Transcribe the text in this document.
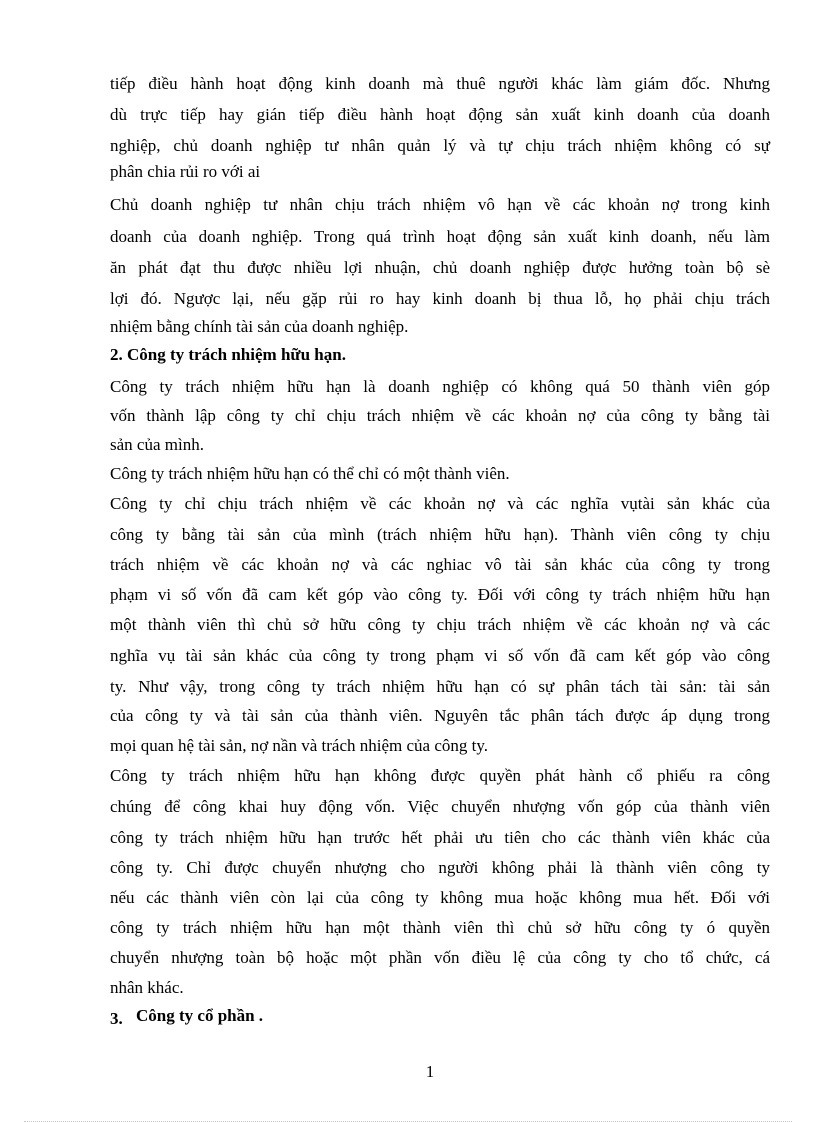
tiếp điều hành hoạt động kinh doanh mà thuê người khác làm giám đốc. Nhưng
dù trực tiếp hay gián tiếp điều hành hoạt động sản xuất kinh doanh của doanh
nghiệp, chủ doanh nghiệp tư nhân quản lý và tự chịu trách nhiệm không có sự
phân chia rủi ro với ai
Chủ doanh nghiệp tư nhân chịu trách nhiệm vô hạn về các khoản nợ trong kinh
doanh của doanh nghiệp. Trong quá trình hoạt động sản xuất kinh doanh, nếu làm
ăn phát đạt thu được nhiều lợi nhuận, chủ doanh nghiệp được hưởng toàn bộ sè
lợi đó. Ngược lại, nếu gặp rủi ro hay kinh doanh bị thua lỗ, họ phải chịu trách
nhiệm bằng chính tài sản của doanh nghiệp.
2. Công ty trách nhiệm hữu hạn.
Công ty trách nhiệm hữu hạn là doanh nghiệp có không quá 50 thành viên góp
vốn thành lập công ty chỉ chịu trách nhiệm về các khoản nợ của công ty bằng tài
sản của mình.
Công ty trách nhiệm hữu hạn có thể chỉ có một thành viên.
Công ty chỉ chịu trách nhiệm về các khoản nợ và các nghĩa vụtài sản khác của
công ty bằng tài sản của mình (trách nhiệm hữu hạn). Thành viên công ty chịu
trách nhiệm về các khoản nợ và các nghiac vô tài sản khác của công ty trong
phạm vi số vốn đã cam kết góp vào công ty. Đối với công ty trách nhiệm hữu hạn
một thành viên thì chủ sở hữu công ty chịu trách nhiệm về các khoản nợ và các
nghĩa vụ tài sản khác của công ty trong phạm vi số vốn đã cam kết góp vào công
ty. Như vậy, trong công ty trách nhiệm hữu hạn có sự phân tách tài sản: tài sản
của công ty và tài sản của thành viên. Nguyên tắc phân tách được áp dụng trong
mọi quan hệ tài sản, nợ nần và trách nhiệm của công ty.
Công ty trách nhiệm hữu hạn không được quyền phát hành cổ phiếu ra công
chúng để công khai huy động vốn. Việc chuyển nhượng vốn góp của thành viên
công ty trách nhiệm hữu hạn trước hết phải ưu tiên cho các thành viên khác của
công ty. Chỉ được chuyển nhượng cho người không phải là thành viên công ty
nếu các thành viên còn lại của công ty không mua hoặc không mua hết. Đối với
công ty trách nhiệm hữu hạn một thành viên thì chủ sở hữu công ty ó quyền
chuyển nhượng toàn bộ hoặc một phần vốn điều lệ của công ty cho tổ chức, cá
nhân khác.
3. Công ty cổ phần .
1
